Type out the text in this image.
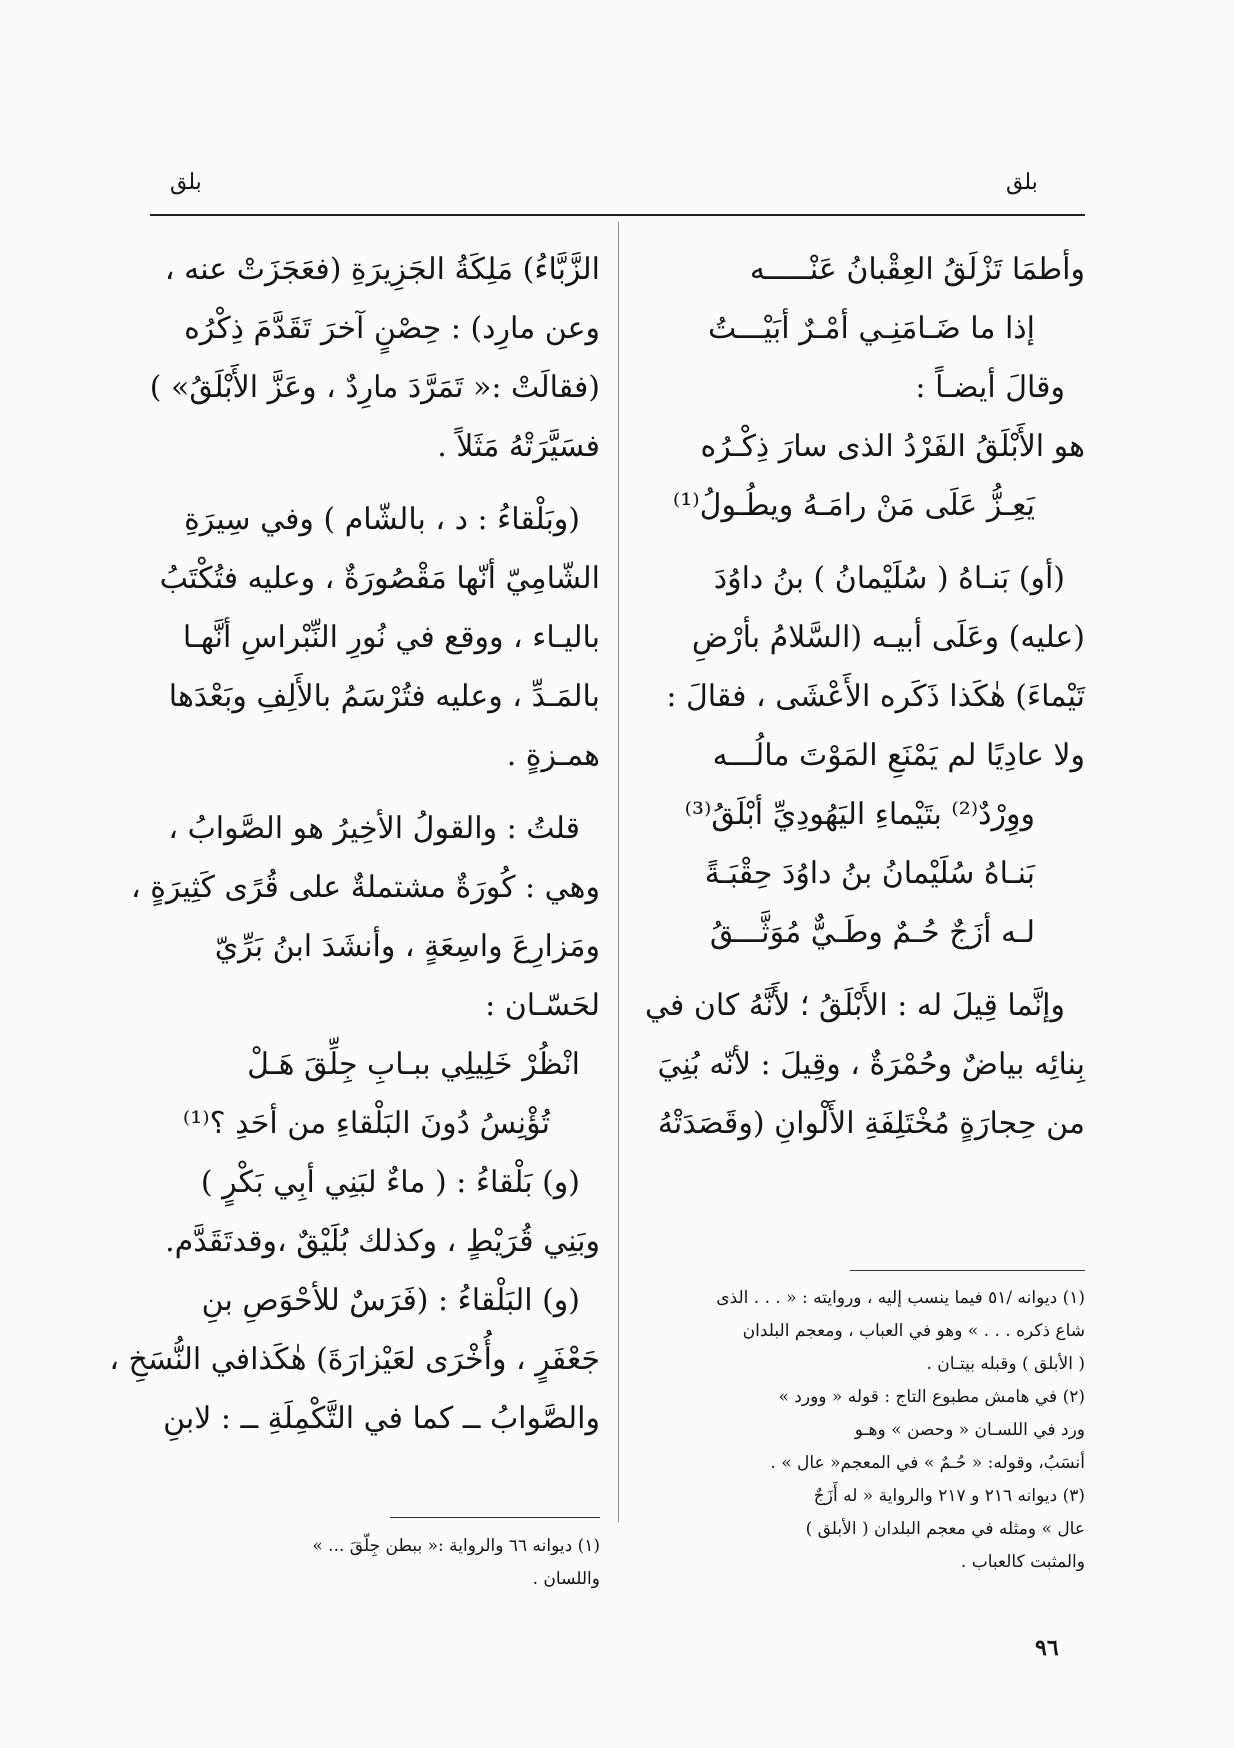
بلق	بلق

وأطمَا تَزْلَقُ العِقْبانُ عَنْـــــه

إذا ما ضَـامَنِـي أمْـرٌ أبَيْـــتُ

وقالَ أيضـاً :

هو الأَبْلَقُ الفَرْدُ الذى سارَ ذِكْـرُه

يَعِـزُّ عَلَى مَنْ رامَـهُ ويطُـولُ⁽¹⁾

(أو) بَنـاهُ ( سُلَيْمانُ ) بنُ داوُدَ

(عليه) وعَلَى أبيـه (السَّلامُ بأرْضِ

تَيْماءَ) هٰكَذا ذَكَره الأَعْشَى ، فقالَ :

ولا عادِيًا لم يَمْنَعِ المَوْتَ مالُـــه

ووِرْدٌ⁽²⁾ بتَيْماءِ اليَهُودِيِّ أبْلَقُ⁽³⁾

بَنـاهُ سُلَيْمانُ بنُ داوُدَ حِقْبَـةً

لـه أزَجٌ حُـمٌ وطَـيٌّ مُوَثَّـــقُ

وإنَّما قِيلَ له : الأَبْلَقُ ؛ لأَنَّهُ كان في

بِنائِه بياضٌ وحُمْرَةٌ ، وقِيلَ : لأنّه بُنِيَ

من حِجارَةٍ مُخْتَلِفَةِ الأَلْوانِ (وقَصَدَتْهُ

الزَّبَّاءُ) مَلِكَةُ الجَزِيرَةِ (فعَجَزَتْ عنه ،

وعن مارِد) : حِصْنٍ آخرَ تَقَدَّمَ ذِكْرُه

(فقالَتْ :« تَمَرَّدَ مارِدٌ ، وعَزَّ الأَبْلَقُ» )

فسَيَّرَتْهُ مَثَلاً .

(وبَلْقاءُ : د ، بالشّام ) وفي سِيرَةِ

الشّامِيّ أنّها مَقْصُورَةٌ ، وعليه فتُكْتَبُ

باليـاء ، ووقع في نُورِ النِّبْراسِ أنَّهـا

بالمَـدِّ ، وعليه فتُرْسَمُ بالأَلِفِ وبَعْدَها

همـزةٍ .

قلتُ : والقولُ الأخِيرُ هو الصَّوابُ ،

وهي : كُورَةٌ مشتملةٌ على قُرًى كَثِيرَةٍ ،

ومَزارِعَ واسِعَةٍ ، وأنشَدَ ابنُ بَرِّيّ

لحَسّـان :

انْظُرْ خَلِيلِي ببـابِ جِلِّقَ هَـلْ

تُؤْنِسُ دُونَ البَلْقاءِ من أحَدِ ؟⁽¹⁾

(و) بَلْقاءُ : ( ماءٌ لبَنِي أبِي بَكْرٍ )

وبَنِي قُرَيْطٍ ، وكذلك بُلَيْقٌ ،وقدتَقَدَّم.

(و) البَلْقاءُ : (فَرَسٌ للأحْوَصِ بنِ

جَعْفَرٍ ، وأُخْرَى لعَيْزارَةَ) هٰكَذافي النُّسَخِ ،

والصَّوابُ ــ كما في التَّكْمِلَةِ ــ : لابنِ

(١) ديوانه /٥١ فيما ينسب إليه ، وروايته : « . . . الذى

شاع ذكره . . . » وهو في العباب ، ومعجم البلدان

( الأبلق ) وقبله بيتـان .

(٢) في هامش مطبوع التاج : قوله « وورد »

ورد في اللسـان « وحصن » وهـو

أنسَبُ، وقوله: « حُـمٌ » في المعجم« عال » .

(٣) ديوانه ٢١٦ و ٢١٧ والرواية « له أَزَجٌ

عال » ومثله في معجم البلدان ( الأبلق )

والمثبت كالعباب .

(١) ديوانه ٦٦ والرواية :« ببطن جِلّقَ ... »

واللسان .

٩٦
